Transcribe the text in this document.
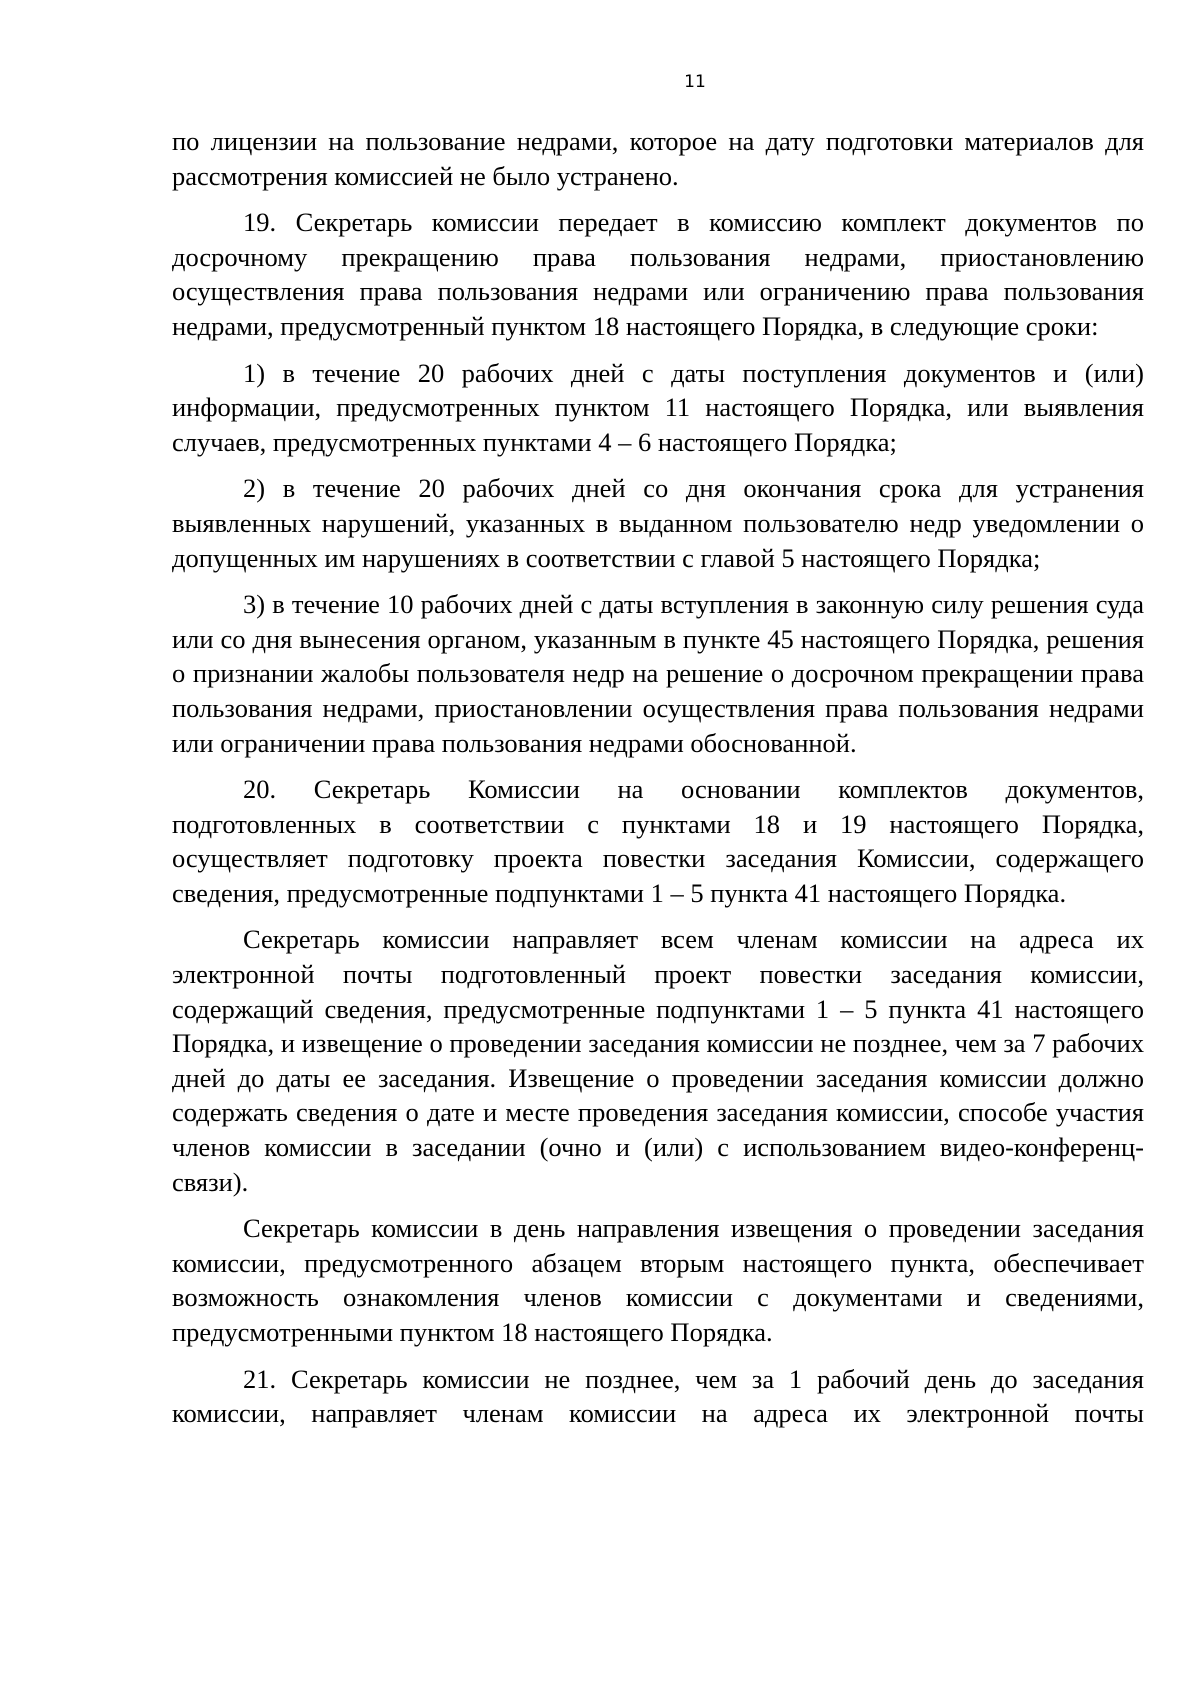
11

по лицензии на пользование недрами, которое на дату подготовки материалов для рассмотрения комиссией не было устранено.

19. Секретарь комиссии передает в комиссию комплект документов по досрочному прекращению права пользования недрами, приостановлению осуществления права пользования недрами или ограничению права пользования недрами, предусмотренный пунктом 18 настоящего Порядка, в следующие сроки:

1) в течение 20 рабочих дней с даты поступления документов и (или) информации, предусмотренных пунктом 11 настоящего Порядка, или выявления случаев, предусмотренных пунктами 4 – 6 настоящего Порядка;

2) в течение 20 рабочих дней со дня окончания срока для устранения выявленных нарушений, указанных в выданном пользователю недр уведомлении о допущенных им нарушениях в соответствии с главой 5 настоящего Порядка;

3) в течение 10 рабочих дней с даты вступления в законную силу решения суда или со дня вынесения органом, указанным в пункте 45 настоящего Порядка, решения о признании жалобы пользователя недр на решение о досрочном прекращении права пользования недрами, приостановлении осуществления права пользования недрами или ограничении права пользования недрами обоснованной.

20. Секретарь Комиссии на основании комплектов документов, подготовленных в соответствии с пунктами 18 и 19 настоящего Порядка, осуществляет подготовку проекта повестки заседания Комиссии, содержащего сведения, предусмотренные подпунктами 1 – 5 пункта 41 настоящего Порядка.

Секретарь комиссии направляет всем членам комиссии на адреса их электронной почты подготовленный проект повестки заседания комиссии, содержащий сведения, предусмотренные подпунктами 1 – 5 пункта 41 настоящего Порядка, и извещение о проведении заседания комиссии не позднее, чем за 7 рабочих дней до даты ее заседания. Извещение о проведении заседания комиссии должно содержать сведения о дате и месте проведения заседания комиссии, способе участия членов комиссии в заседании (очно и (или) с использованием видео-конференц-связи).

Секретарь комиссии в день направления извещения о проведении заседания комиссии, предусмотренного абзацем вторым настоящего пункта, обеспечивает возможность ознакомления членов комиссии с документами и сведениями, предусмотренными пунктом 18 настоящего Порядка.

21. Секретарь комиссии не позднее, чем за 1 рабочий день до заседания комиссии, направляет членам комиссии на адреса их электронной почты
